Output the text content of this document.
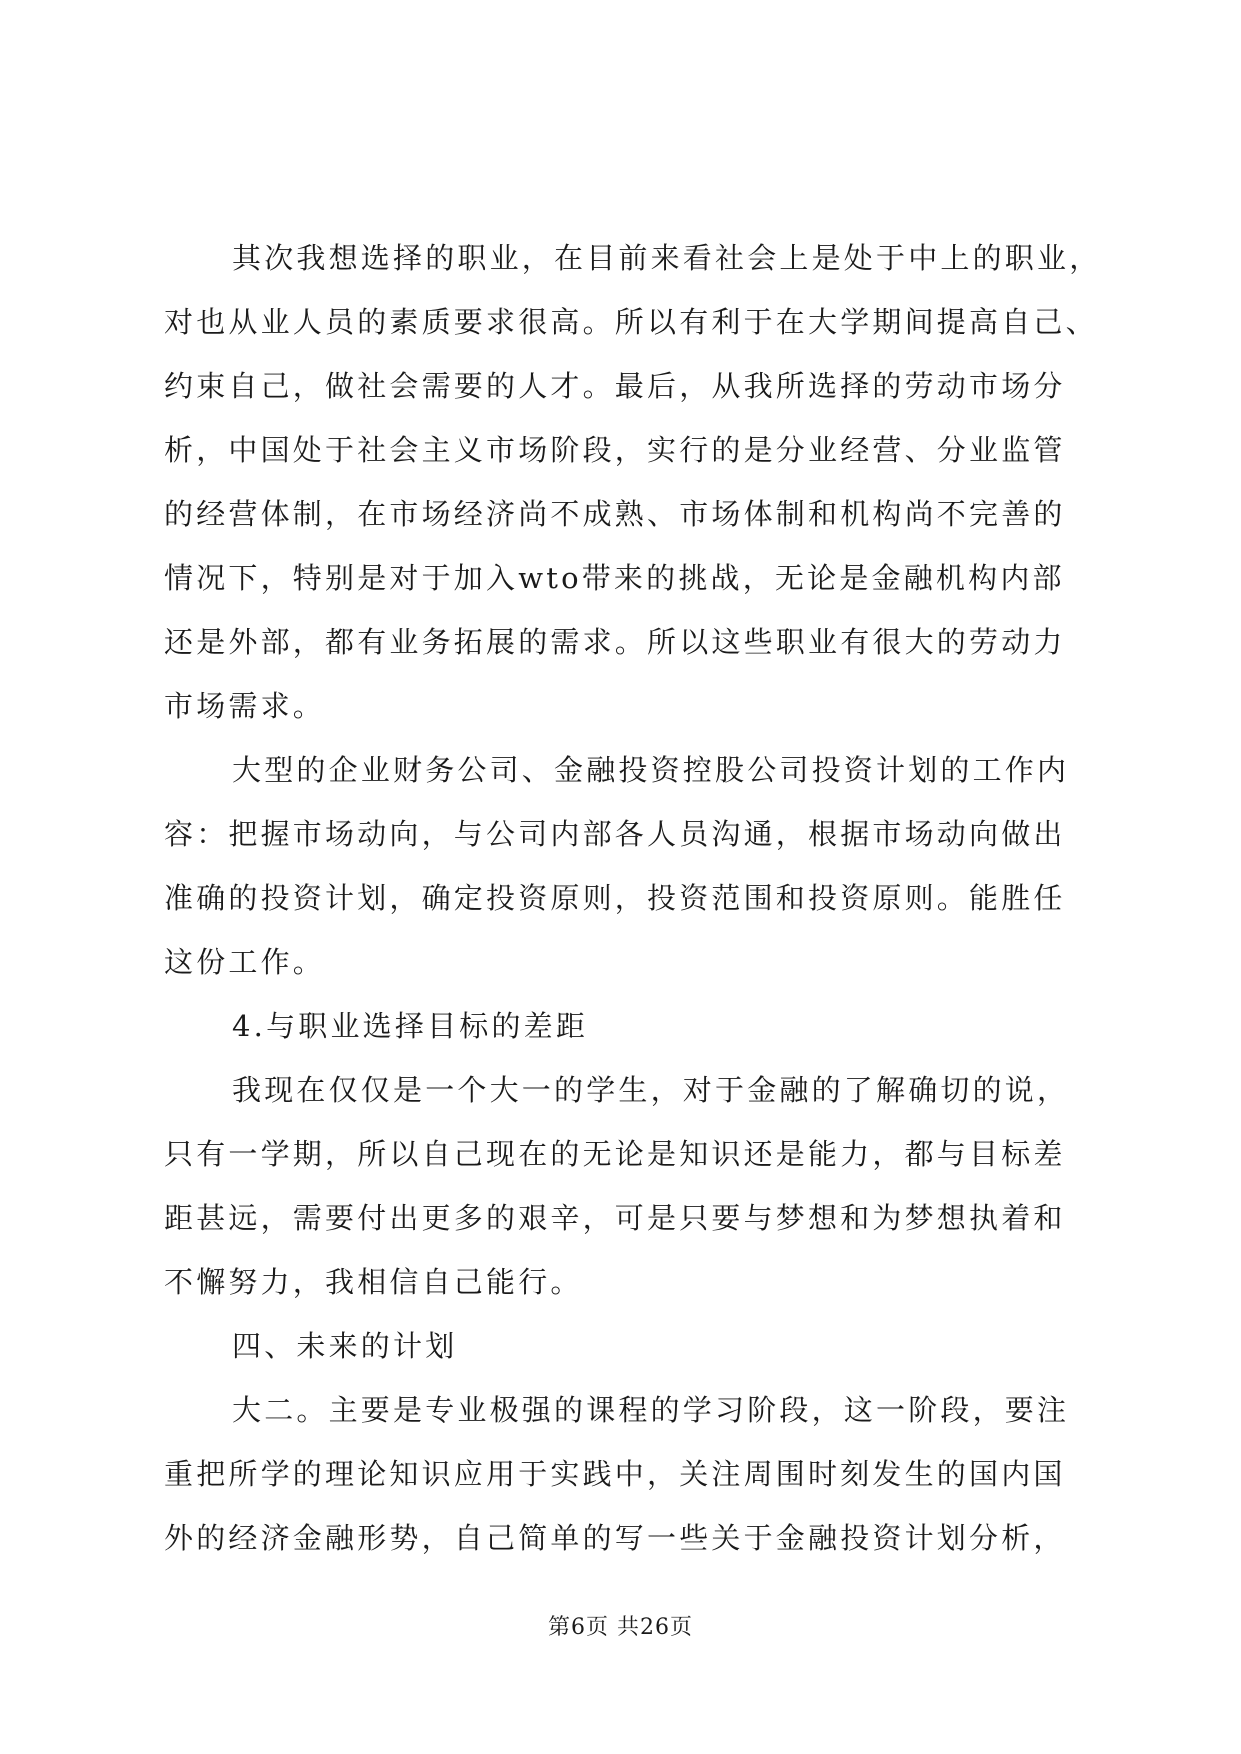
其次我想选择的职业，在目前来看社会上是处于中上的职业，
对也从业人员的素质要求很高。所以有利于在大学期间提高自己、
约束自己，做社会需要的人才。最后，从我所选择的劳动市场分
析，中国处于社会主义市场阶段，实行的是分业经营、分业监管
的经营体制，在市场经济尚不成熟、市场体制和机构尚不完善的
情况下，特别是对于加入wto带来的挑战，无论是金融机构内部
还是外部，都有业务拓展的需求。所以这些职业有很大的劳动力
市场需求。
大型的企业财务公司、金融投资控股公司投资计划的工作内
容：把握市场动向，与公司内部各人员沟通，根据市场动向做出
准确的投资计划，确定投资原则，投资范围和投资原则。能胜任
这份工作。
4.与职业选择目标的差距
我现在仅仅是一个大一的学生，对于金融的了解确切的说，
只有一学期，所以自己现在的无论是知识还是能力，都与目标差
距甚远，需要付出更多的艰辛，可是只要与梦想和为梦想执着和
不懈努力，我相信自己能行。
四、未来的计划
大二。主要是专业极强的课程的学习阶段，这一阶段，要注
重把所学的理论知识应用于实践中，关注周围时刻发生的国内国
外的经济金融形势，自己简单的写一些关于金融投资计划分析，
第6页 共26页
